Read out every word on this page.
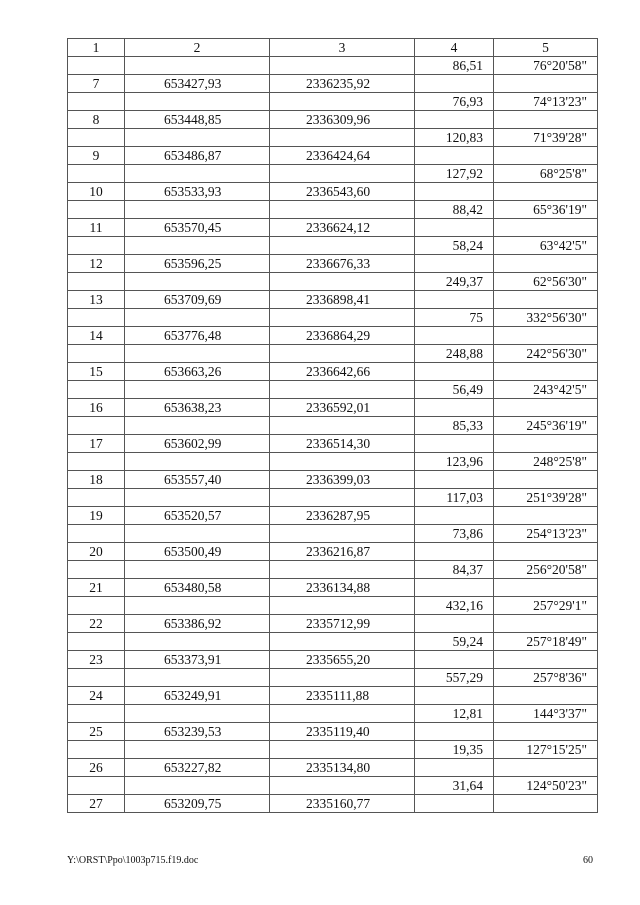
1	2	3	4	5
			86,51	76°20'58"
7	653427,93	2336235,92		
			76,93	74°13'23"
8	653448,85	2336309,96		
			120,83	71°39'28"
9	653486,87	2336424,64		
			127,92	68°25'8"
10	653533,93	2336543,60		
			88,42	65°36'19"
11	653570,45	2336624,12		
			58,24	63°42'5"
12	653596,25	2336676,33		
			249,37	62°56'30"
13	653709,69	2336898,41		
			75	332°56'30"
14	653776,48	2336864,29		
			248,88	242°56'30"
15	653663,26	2336642,66		
			56,49	243°42'5"
16	653638,23	2336592,01		
			85,33	245°36'19"
17	653602,99	2336514,30		
			123,96	248°25'8"
18	653557,40	2336399,03		
			117,03	251°39'28"
19	653520,57	2336287,95		
			73,86	254°13'23"
20	653500,49	2336216,87		
			84,37	256°20'58"
21	653480,58	2336134,88		
			432,16	257°29'1"
22	653386,92	2335712,99		
			59,24	257°18'49"
23	653373,91	2335655,20		
			557,29	257°8'36"
24	653249,91	2335111,88		
			12,81	144°3'37"
25	653239,53	2335119,40		
			19,35	127°15'25"
26	653227,82	2335134,80		
			31,64	124°50'23"
27	653209,75	2335160,77		
Y:\ORST\Ppo\1003p715.f19.doc	60
